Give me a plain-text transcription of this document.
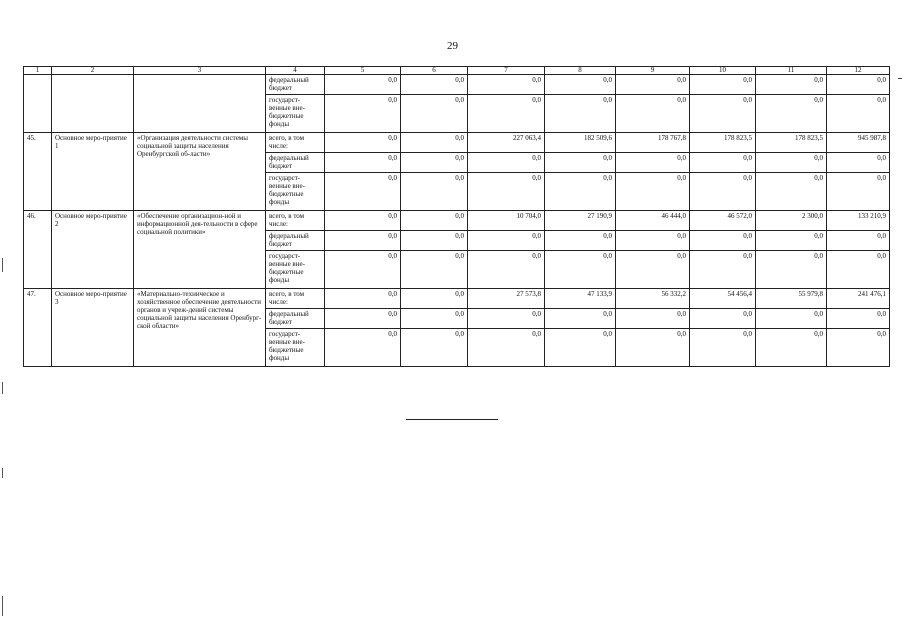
29
1	2	3	4	5	6	7	8	9	10	11	12
			федеральный бюджет	0,0	0,0	0,0	0,0	0,0	0,0	0,0	0,0
			государст-венные вне-бюджетные фонды	0,0	0,0	0,0	0,0	0,0	0,0	0,0	0,0
45.	Основное меро-приятие 1	«Организация деятельности системы социальной защиты населения Оренбургской об-ласти»	всего, в том числе:	0,0	0,0	227 063,4	182 509,6	178 767,8	178 823,5	178 823,5	945 987,8
			федеральный бюджет	0,0	0,0	0,0	0,0	0,0	0,0	0,0	0,0
			государст-венные вне-бюджетные фонды	0,0	0,0	0,0	0,0	0,0	0,0	0,0	0,0
46.	Основное меро-приятие 2	«Обеспечение организацион-ной и информационной дея-тельности в сфере социальной политики»	всего, в том числе:	0,0	0,0	10 704,0	27 190,9	46 444,0	46 572,0	2 300,0	133 210,9
			федеральный бюджет	0,0	0,0	0,0	0,0	0,0	0,0	0,0	0,0
			государст-венные вне-бюджетные фонды	0,0	0,0	0,0	0,0	0,0	0,0	0,0	0,0
47.	Основное меро-приятие 3	«Материально-техническое и хозяйственное обеспечение деятельности органов и учреж-дений системы социальной защиты населения Оренбург-ской области»	всего, в том числе:	0,0	0,0	27 573,8	47 133,9	56 332,2	54 456,4	55 979,8	241 476,1
			федеральный бюджет	0,0	0,0	0,0	0,0	0,0	0,0	0,0	0,0
			государст-венные вне-бюджетные фонды	0,0	0,0	0,0	0,0	0,0	0,0	0,0	0,0
